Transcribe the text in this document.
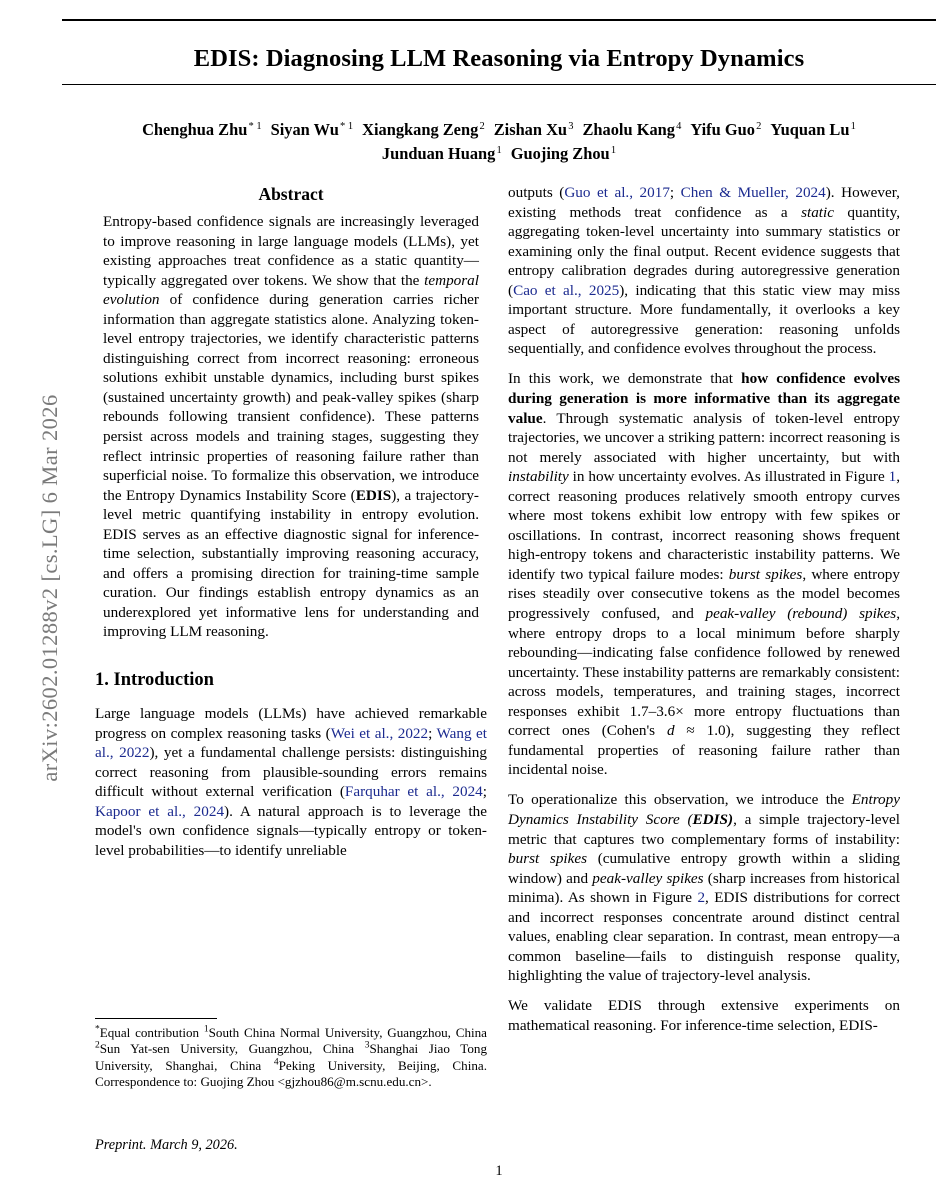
arXiv:2602.01288v2 [cs.LG] 6 Mar 2026
EDIS: Diagnosing LLM Reasoning via Entropy Dynamics
Chenghua Zhu$^{* 1}$ Siyan Wu$^{* 1}$ Xiangkang Zeng$^2$ Zishan Xu$^3$ Zhaolu Kang$^4$ Yifu Guo$^2$ Yuquan Lu$^1$
Junduan Huang$^1$ Guojing Zhou$^1$
Abstract

Entropy-based confidence signals are increasingly leveraged to improve reasoning in large language models (LLMs), yet existing approaches treat confidence as a static quantity—typically aggregated over tokens. We show that the temporal evolution of confidence during generation carries richer information than aggregate statistics alone. Analyzing token-level entropy trajectories, we identify characteristic patterns distinguishing correct from incorrect reasoning: erroneous solutions exhibit unstable dynamics, including burst spikes (sustained uncertainty growth) and peak-valley spikes (sharp rebounds following transient confidence). These patterns persist across models and training stages, suggesting they reflect intrinsic properties of reasoning failure rather than superficial noise. To formalize this observation, we introduce the Entropy Dynamics Instability Score (EDIS), a trajectory-level metric quantifying instability in entropy evolution. EDIS serves as an effective diagnostic signal for inference-time selection, substantially improving reasoning accuracy, and offers a promising direction for training-time sample curation. Our findings establish entropy dynamics as an underexplored yet informative lens for understanding and improving LLM reasoning.

1. Introduction

Large language models (LLMs) have achieved remarkable progress on complex reasoning tasks (Wei et al., 2022; Wang et al., 2022), yet a fundamental challenge persists: distinguishing correct reasoning from plausible-sounding errors remains difficult without external verification (Farquhar et al., 2024; Kapoor et al., 2024). A natural approach is to leverage the model's own confidence signals—typically entropy or token-level probabilities—to identify unreliable

outputs (Guo et al., 2017; Chen & Mueller, 2024). However, existing methods treat confidence as a static quantity, aggregating token-level uncertainty into summary statistics or examining only the final output. Recent evidence suggests that entropy calibration degrades during autoregressive generation (Cao et al., 2025), indicating that this static view may miss important structure. More fundamentally, it overlooks a key aspect of autoregressive generation: reasoning unfolds sequentially, and confidence evolves throughout the process.

In this work, we demonstrate that how confidence evolves during generation is more informative than its aggregate value. Through systematic analysis of token-level entropy trajectories, we uncover a striking pattern: incorrect reasoning is not merely associated with higher uncertainty, but with instability in how uncertainty evolves. As illustrated in Figure 1, correct reasoning produces relatively smooth entropy curves where most tokens exhibit low entropy with few spikes or oscillations. In contrast, incorrect reasoning shows frequent high-entropy tokens and characteristic instability patterns. We identify two typical failure modes: burst spikes, where entropy rises steadily over consecutive tokens as the model becomes progressively confused, and peak-valley (rebound) spikes, where entropy drops to a local minimum before sharply rebounding—indicating false confidence followed by renewed uncertainty. These instability patterns are remarkably consistent: across models, temperatures, and training stages, incorrect responses exhibit 1.7–3.6× more entropy fluctuations than correct ones (Cohen's d ≈ 1.0), suggesting they reflect fundamental properties of reasoning failure rather than incidental noise.

To operationalize this observation, we introduce the Entropy Dynamics Instability Score (EDIS), a simple trajectory-level metric that captures two complementary forms of instability: burst spikes (cumulative entropy growth within a sliding window) and peak-valley spikes (sharp increases from historical minima). As shown in Figure 2, EDIS distributions for correct and incorrect responses concentrate around distinct central values, enabling clear separation. In contrast, mean entropy—a common baseline—fails to distinguish response quality, highlighting the value of trajectory-level analysis.

We validate EDIS through extensive experiments on mathematical reasoning. For inference-time selection, EDIS-

*Equal contribution $^1$South China Normal University, Guangzhou, China $^2$Sun Yat-sen University, Guangzhou, China $^3$Shanghai Jiao Tong University, Shanghai, China $^4$Peking University, Beijing, China. Correspondence to: Guojing Zhou <gjzhou86@m.scnu.edu.cn>.

Preprint. March 9, 2026.
1
